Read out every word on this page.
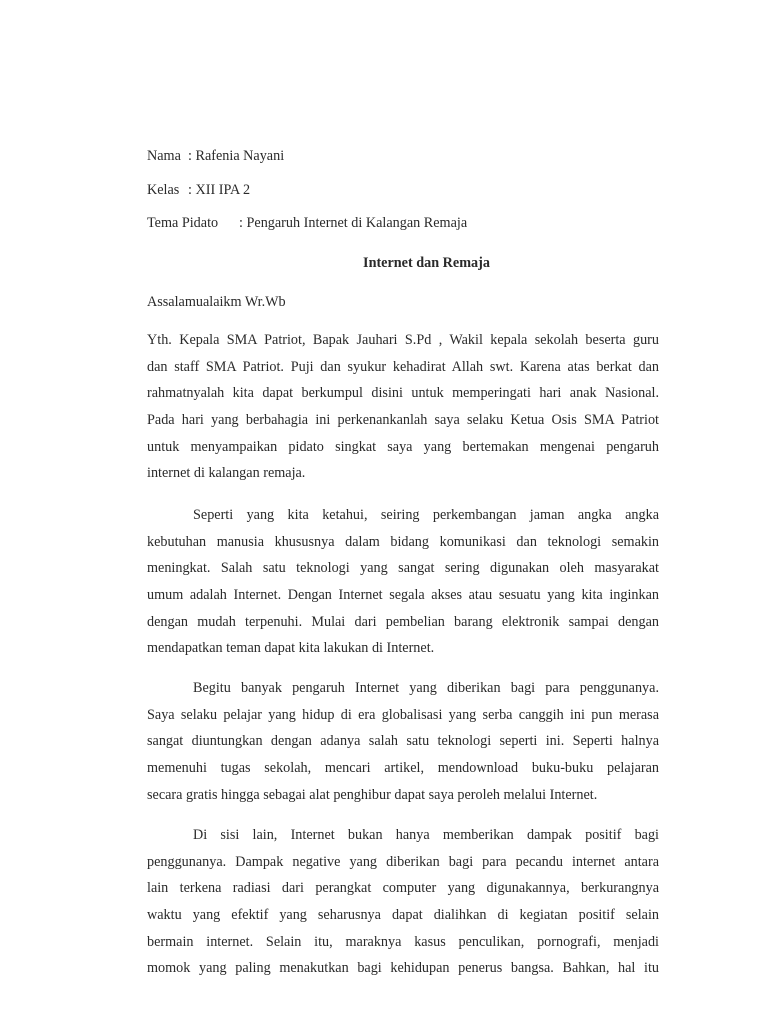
Nama : Rafenia Nayani
Kelas : XII IPA 2
Tema Pidato : Pengaruh Internet di Kalangan Remaja
Internet dan Remaja
Assalamualaikm Wr.Wb
Yth. Kepala SMA Patriot, Bapak Jauhari S.Pd , Wakil kepala sekolah beserta guru
dan staff SMA Patriot. Puji dan syukur kehadirat Allah swt. Karena atas berkat dan
rahmatnyalah kita dapat berkumpul disini untuk memperingati hari anak Nasional.
Pada hari yang berbahagia ini perkenankanlah saya selaku Ketua Osis SMA Patriot
untuk menyampaikan pidato singkat saya yang bertemakan mengenai pengaruh
internet di kalangan remaja.
Seperti yang kita ketahui, seiring perkembangan jaman angka angka
kebutuhan manusia khususnya dalam bidang komunikasi dan teknologi semakin
meningkat. Salah satu teknologi yang sangat sering digunakan oleh masyarakat
umum adalah Internet. Dengan Internet segala akses atau sesuatu yang kita inginkan
dengan mudah terpenuhi. Mulai dari pembelian barang elektronik sampai dengan
mendapatkan teman dapat kita lakukan di Internet.
Begitu banyak pengaruh Internet yang diberikan bagi para penggunanya.
Saya selaku pelajar yang hidup di era globalisasi yang serba canggih ini pun merasa
sangat diuntungkan dengan adanya salah satu teknologi seperti ini. Seperti halnya
memenuhi tugas sekolah, mencari artikel, mendownload buku-buku pelajaran
secara gratis hingga sebagai alat penghibur dapat saya peroleh melalui Internet.
Di sisi lain, Internet bukan hanya memberikan dampak positif bagi
penggunanya. Dampak negative yang diberikan bagi para pecandu internet antara
lain terkena radiasi dari perangkat computer yang digunakannya, berkurangnya
waktu yang efektif yang seharusnya dapat dialihkan di kegiatan positif selain
bermain internet. Selain itu, maraknya kasus penculikan, pornografi, menjadi
momok yang paling menakutkan bagi kehidupan penerus bangsa. Bahkan, hal itu
